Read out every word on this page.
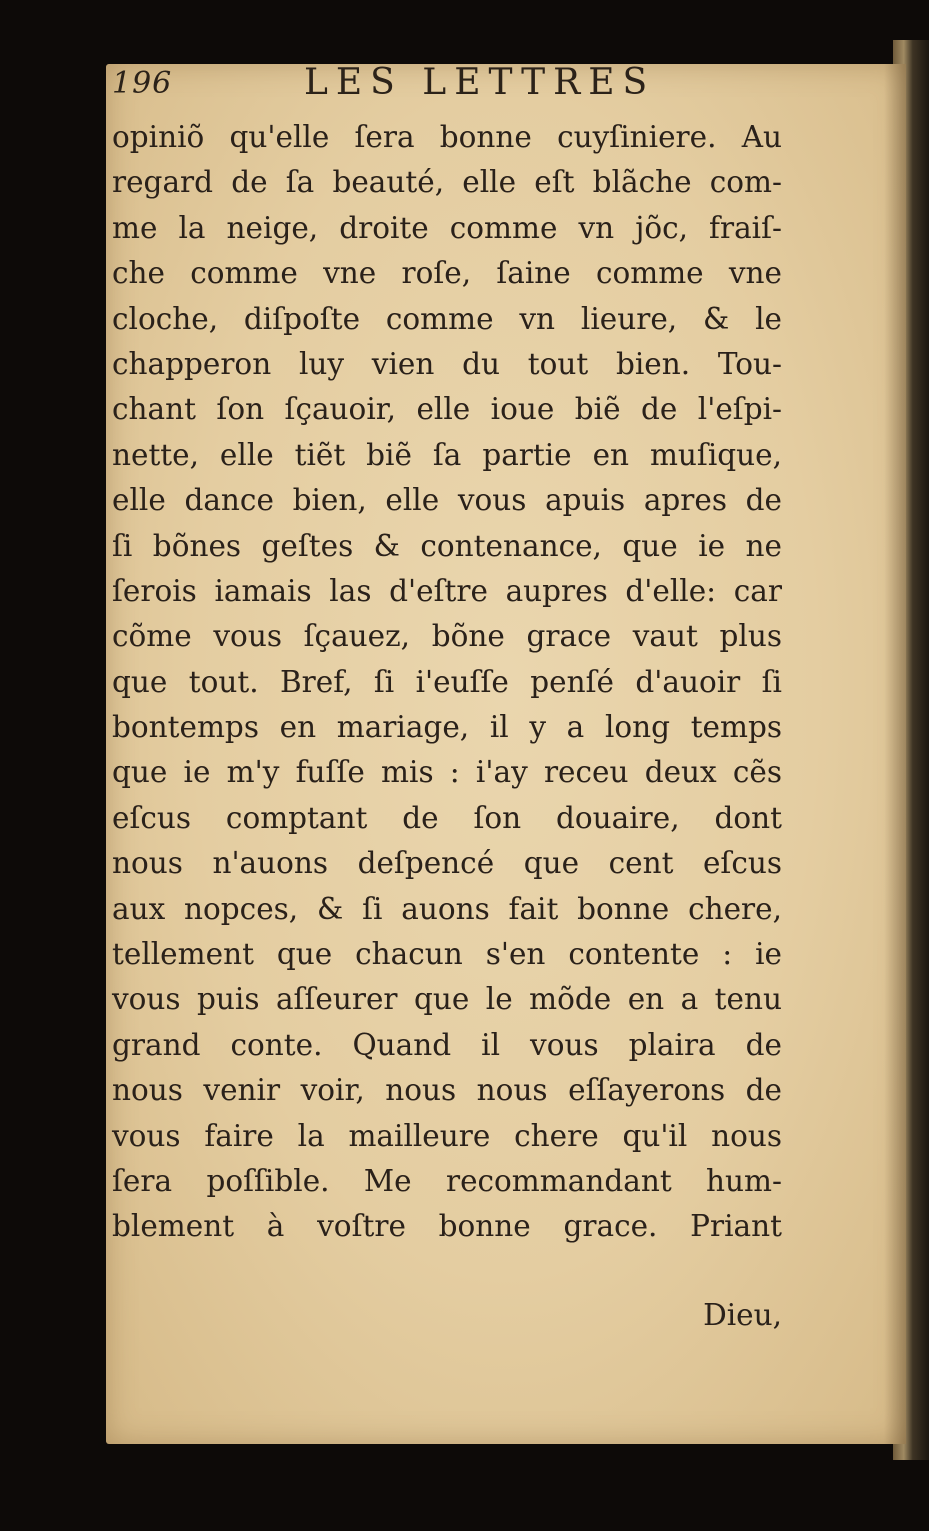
196	LES LETTRES
opiniõ qu'elle ſera bonne cuyſiniere. Au
regard de ſa beauté, elle eſt blãche com-
me la neige, droite comme vn jõc, fraiſ-
che comme vne roſe, ſaine comme vne
cloche, diſpoſte comme vn lieure, & le
chapperon luy vien du tout bien. Tou-
chant ſon ſçauoir, elle ioue biẽ de l'eſpi-
nette, elle tiẽt biẽ ſa partie en muſique,
elle dance bien, elle vous apuis apres de
ſi bõnes geſtes & contenance, que ie ne
ſerois iamais las d'eſtre aupres d'elle: car
cõme vous ſçauez, bõne grace vaut plus
que tout. Bref, ſi i'euſſe penſé d'auoir ſi
bontemps en mariage, il y a long temps
que ie m'y fuſſe mis : i'ay receu deux cẽs
eſcus comptant de ſon douaire, dont
nous n'auons deſpencé que cent eſcus
aux nopces, & ſi auons fait bonne chere,
tellement que chacun s'en contente : ie
vous puis aſſeurer que le mõde en a tenu
grand conte. Quand il vous plaira de
nous venir voir, nous nous eſſayerons de
vous faire la mailleure chere qu'il nous
ſera poſſible. Me recommandant hum-
blement à voſtre bonne grace. Priant
Dieu,
